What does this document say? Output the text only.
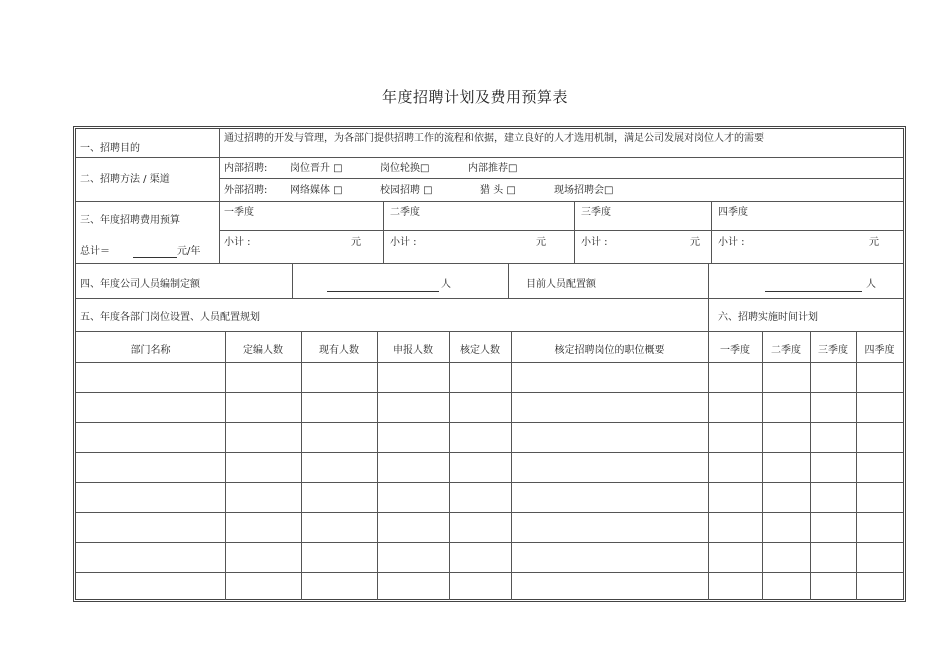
年度招聘计划及费用预算表
一、招聘目的
通过招聘的开发与管理，为各部门提供招聘工作的流程和依据，建立良好的人才选用机制，满足公司发展对岗位人才的需要
二、招聘方法 / 渠道
内部招聘: 岗位晋升 □	岗位轮换□	内部推荐□
外部招聘: 网络媒体 □	校园招聘 □	猎 头 □	现场招聘会□
三、年度招聘费用预算
总计＝	元/年
一季度	二季度	三季度	四季度
小计 :	元	小计 :	元	小计 :	元 小计 :	元
四、年度公司人员编制定额	人	目前人员配置额	人
五、年度各部门岗位设置、人员配置规划	六、招聘实施时间计划
部门名称	定编人数	现有人数	申报人数	核定人数	核定招聘岗位的职位概要	一季度	二季度	三季度	四季度
